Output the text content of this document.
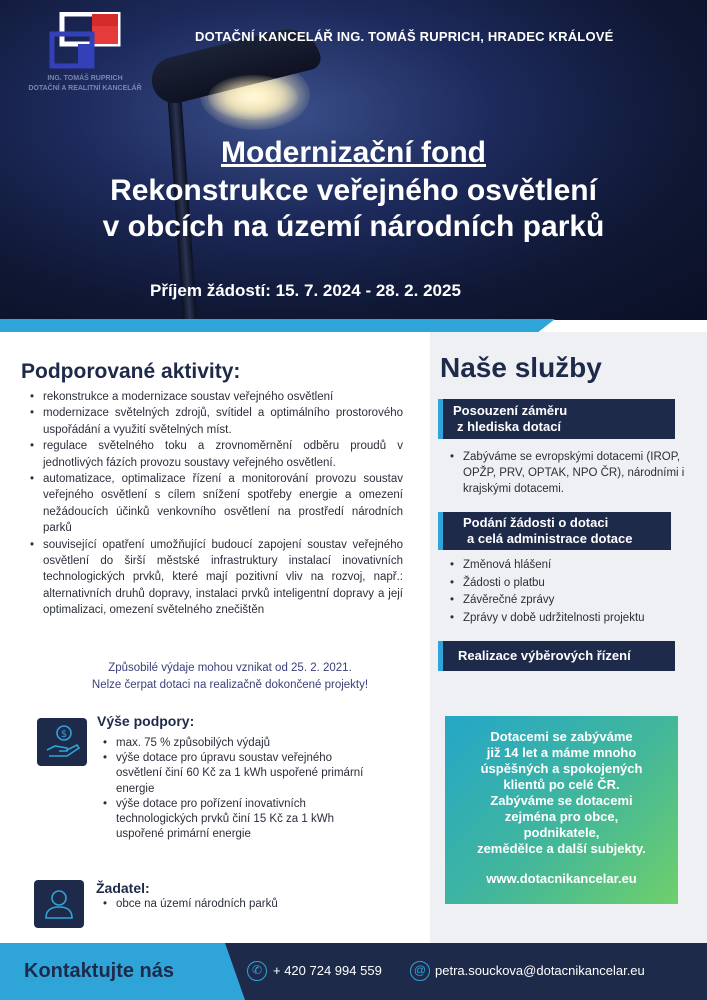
ING. TOMÁŠ RUPRICH
DOTAČNÍ A REALITNÍ KANCELÁŘ
DOTAČNÍ KANCELÁŘ ING. TOMÁŠ RUPRICH, HRADEC KRÁLOVÉ
Modernizační fond
Rekonstrukce veřejného osvětlení
v obcích na území národních parků
Příjem žádostí: 15. 7. 2024 - 28. 2. 2025
Podporované aktivity:
• rekonstrukce a modernizace soustav veřejného osvětlení
• modernizace světelných zdrojů, svítidel a optimálního prostorového uspořádání a využití světelných míst.
• regulace světelného toku a zrovnoměrnění odběru proudů v jednotlivých fázích provozu soustavy veřejného osvětlení.
• automatizace, optimalizace řízení a monitorování provozu soustav veřejného osvětlení s cílem snížení spotřeby energie a omezení nežádoucích účinků venkovního osvětlení na prostředí národních parků
• související opatření umožňující budoucí zapojení soustav veřejného osvětlení do širší městské infrastruktury instalací inovativních technologických prvků, které mají pozitivní vliv na rozvoj, např.: alternativních druhů dopravy, instalaci prvků inteligentní dopravy a její optimalizaci, omezení světelného znečištěn
Způsobilé výdaje mohou vznikat od 25. 2. 2021.
Nelze čerpat dotaci na realizačně dokončené projekty!
$
Výše podpory:
• max. 75 % způsobilých výdajů
• výše dotace pro úpravu soustav veřejného osvětlení činí 60 Kč za 1 kWh uspořené primární energie
• výše dotace pro pořízení inovativních technologických prvků činí 15 Kč za 1 kWh uspořené primární energie
Žadatel:
• obce na území národních parků
Naše služby
Posouzení záměru
z hlediska dotací
• Zabýváme se evropskými dotacemi (IROP, OPŽP, PRV, OPTAK, NPO ČR), národními i krajskými dotacemi.
Podání žádosti o dotaci
a celá administrace dotace
• Změnová hlášení
• Žádosti o platbu
• Závěrečné zprávy
• Zprávy v době udržitelnosti projektu
Realizace výběrových řízení
Dotacemi se zabýváme
již 14 let a máme mnoho
úspěšných a spokojených
klientů po celé ČR.
Zabýváme se dotacemi
zejména pro obce,
podnikatele,
zemědělce a další subjekty.
www.dotacnikancelar.eu
Kontaktujte nás	✆ + 420 724 994 559	@ petra.souckova@dotacnikancelar.eu
